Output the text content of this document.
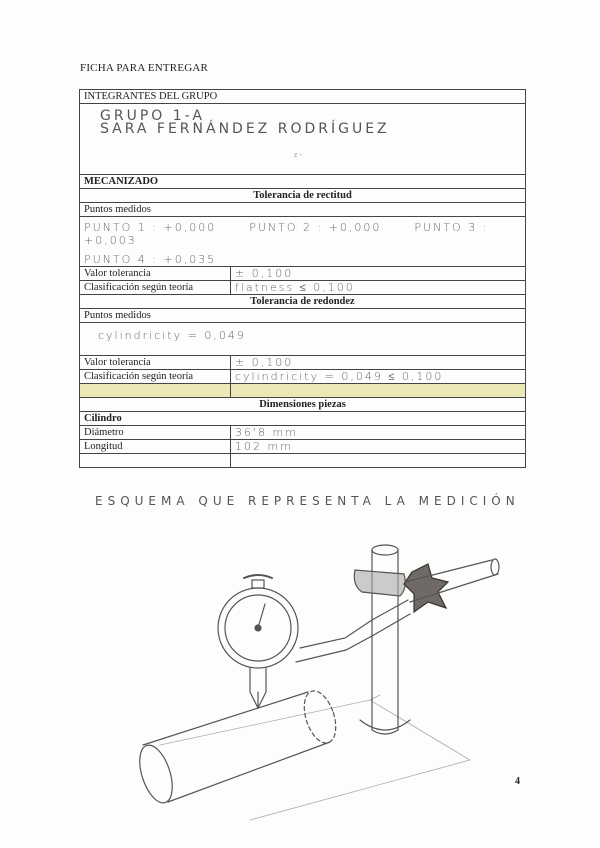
FICHA PARA ENTREGAR
INTEGRANTES DEL GRUPO	

GRUPO 1-A
SARA FERNÁNDEZ RODRÍGUEZ
z -	

MECANIZADO	
Tolerancia de rectitud	
Puntos medidos	

PUNTO 1 : +0,000 PUNTO 2 : +0,000 PUNTO 3 : +0,003
PUNTO 4 : +0,035	

Valor tolerancia	± 0,100
Clasificación según teoría	flatness ≤ 0,100
Tolerancia de redondez	
Puntos medidos	

cylindricity = 0,049	

Valor tolerancia	± 0,100
Clasificación según teoría	cylindricity = 0,049 ≤ 0,100

Dimensiones piezas	
Cilindro	
Diámetro	36'8 mm
Longitud	102 mm

ESQUEMA QUE REPRESENTA LA MEDICIÓN
4
